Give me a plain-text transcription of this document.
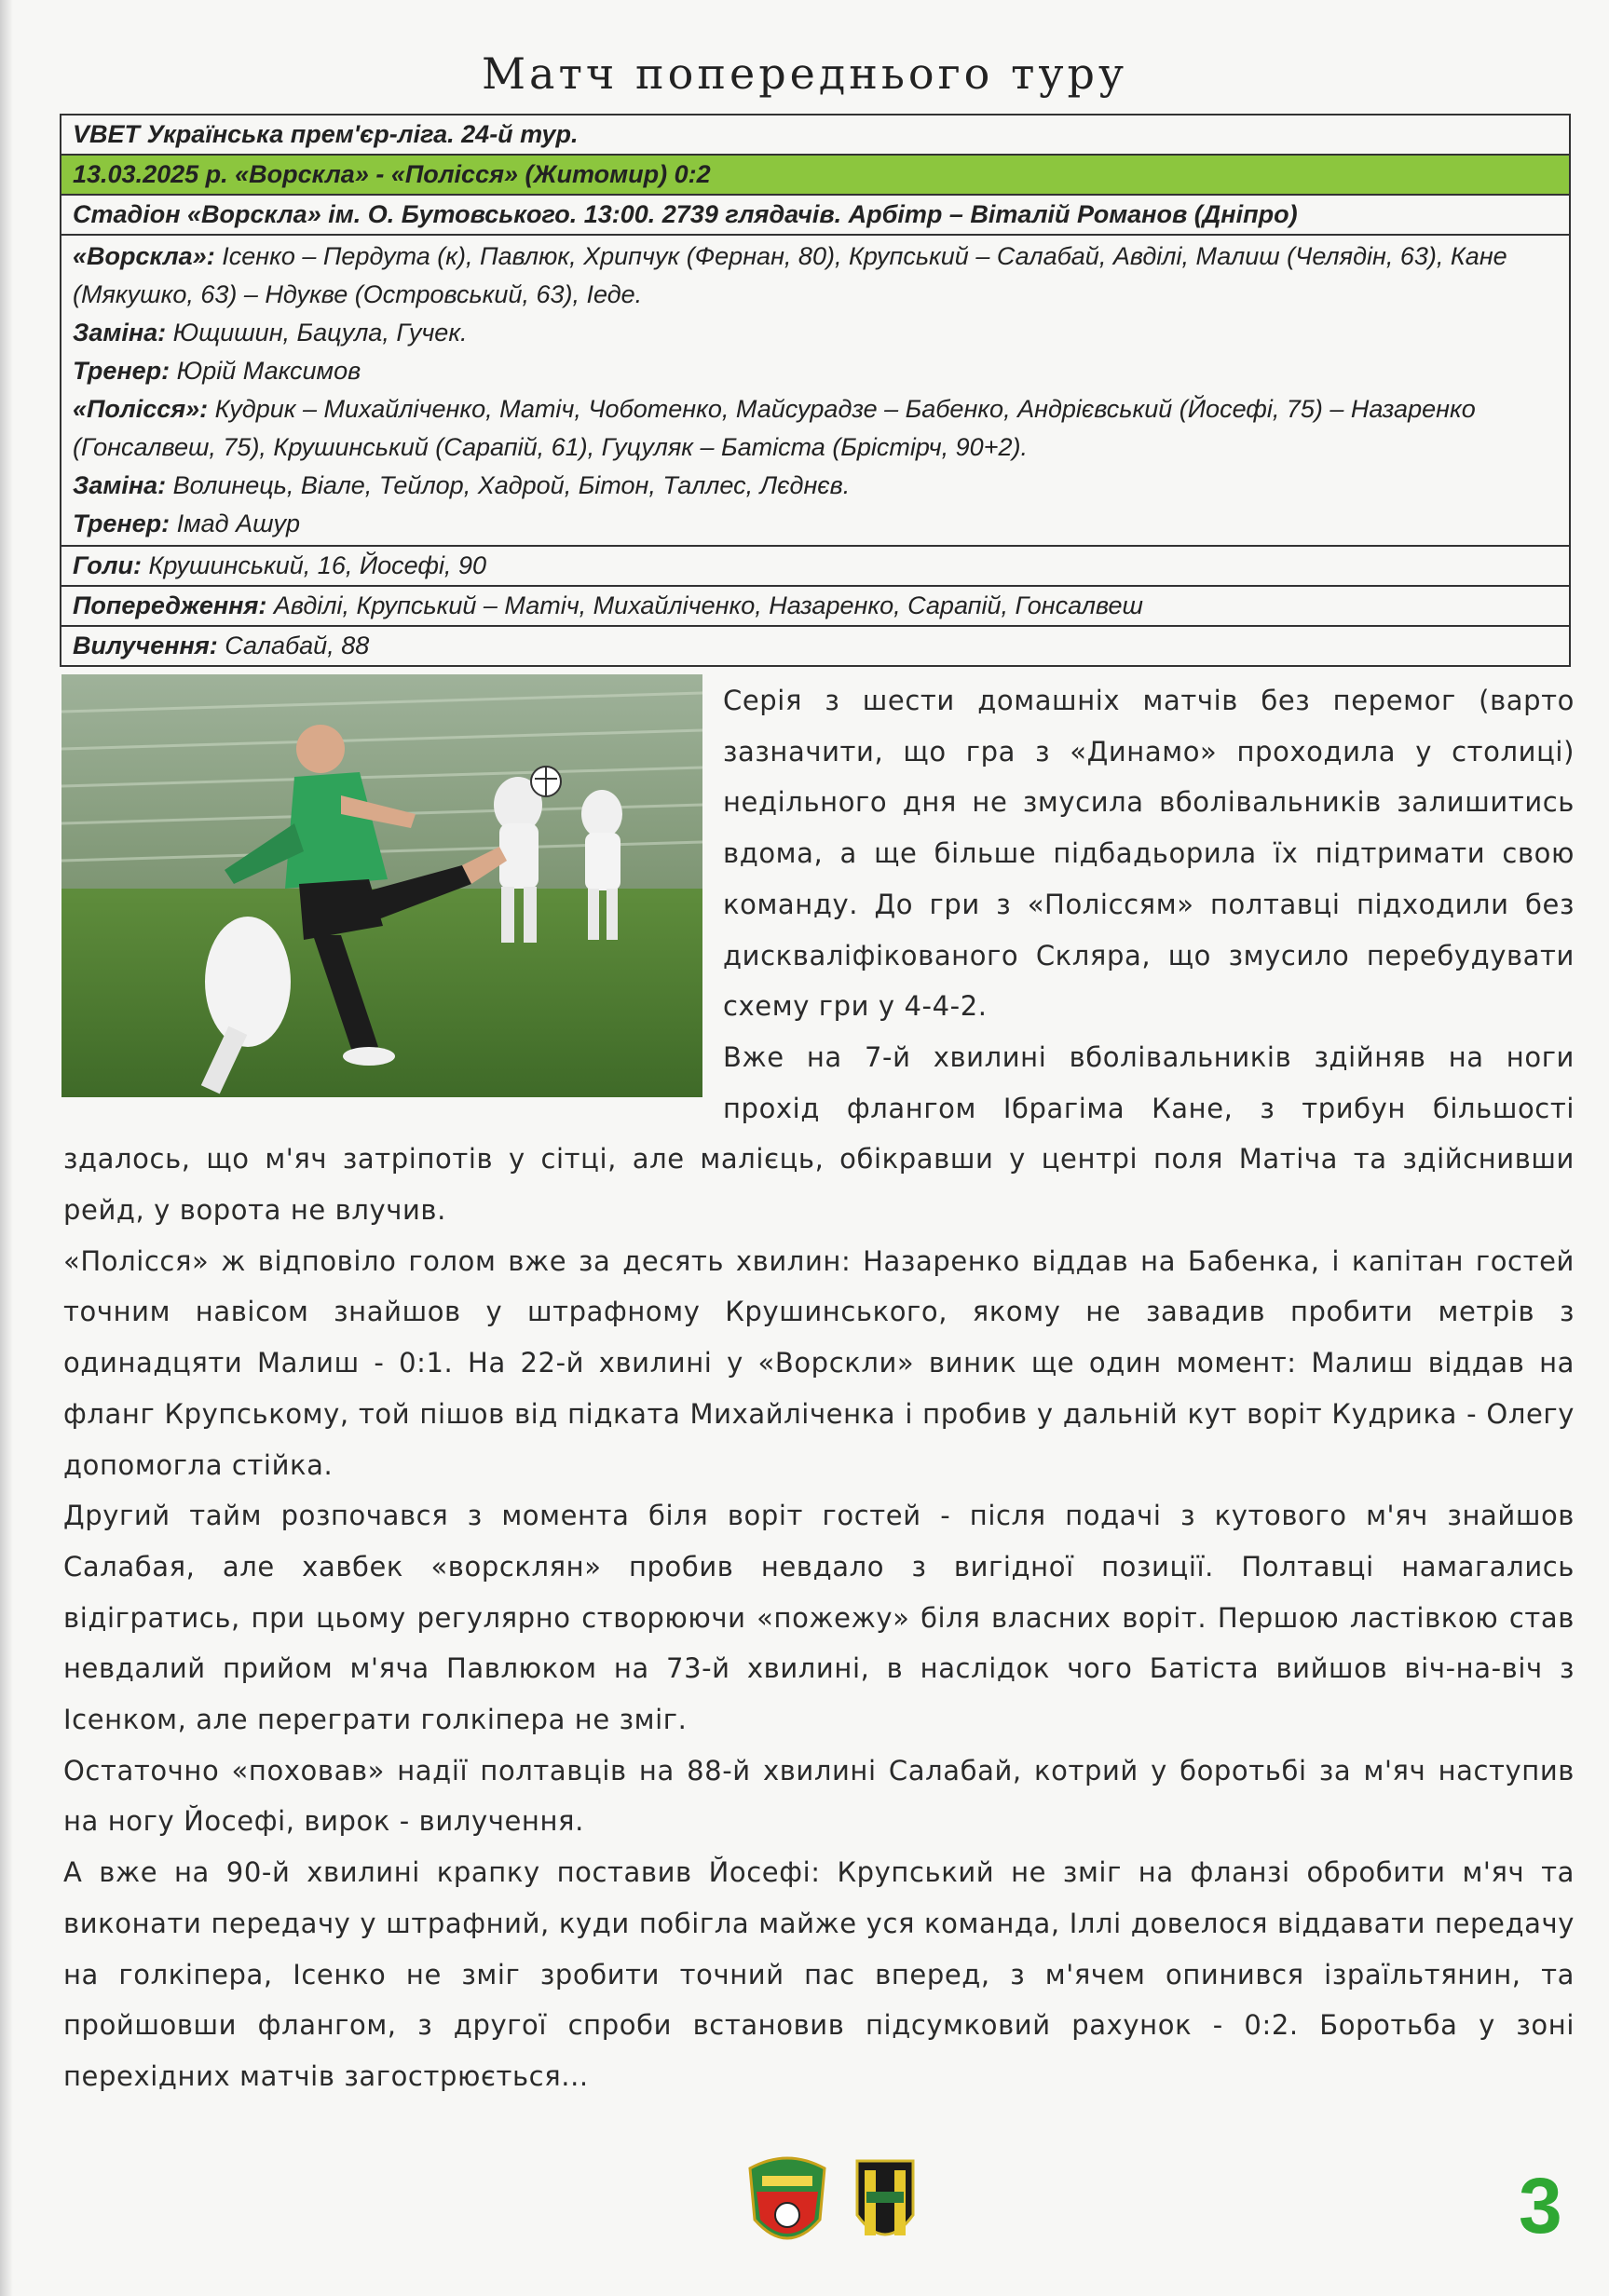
Матч попереднього туру
VBET Українська прем'єр-ліга. 24-й тур.
13.03.2025 р. «Ворскла» - «Полісся» (Житомир) 0:2
Стадіон «Ворскла» ім. О. Бутовського. 13:00. 2739 глядачів. Арбітр – Віталій Романов (Дніпро)
«Ворскла»: Ісенко – Пердута (к), Павлюк, Хрипчук (Фернан, 80), Крупський – Салабай, Авділі, Малиш (Челядін, 63), Кане (Мякушко, 63) – Ндукве (Островський, 63), Іеде.
Заміна: Ющишин, Бацула, Гучек.
Тренер: Юрій Максимов
«Полісся»: Кудрик – Михайліченко, Матіч, Чоботенко, Майсурадзе – Бабенко, Андрієвський (Йосефі, 75) – Назаренко (Гонсалвеш, 75), Крушинський (Сарапій, 61), Гуцуляк – Батіста (Брістірч, 90+2).
Заміна: Волинець, Віале, Тейлор, Хадрой, Бітон, Таллес, Лєднєв.
Тренер: Імад Ашур
Голи: Крушинський, 16, Йосефі, 90
Попередження: Авділі, Крупський – Матіч, Михайліченко, Назаренко, Сарапій, Гонсалвеш
Вилучення: Салабай, 88

Серія з шести домашніх матчів без перемог (варто зазначити, що гра з «Динамо» проходила у столиці) недільного дня не змусила вболівальників залишитись вдома, а ще більше підбадьорила їх підтримати свою команду. До гри з «Поліссям» полтавці підходили без дискваліфікованого Скляра, що змусило перебудувати схему гри у 4-4-2.

Вже на 7-й хвилині вболівальників здійняв на ноги прохід флангом Ібрагіма Кане, з трибун більшості здалось, що м'яч затріпотів у сітці, але малієць, обікравши у центрі поля Матіча та здійснивши рейд, у ворота не влучив.

«Полісся» ж відповіло голом вже за десять хвилин: Назаренко віддав на Бабенка, і капітан гостей точним навісом знайшов у штрафному Крушинського, якому не завадив пробити метрів з одинадцяти Малиш - 0:1. На 22-й хвилині у «Ворскли» виник ще один момент: Малиш віддав на фланг Крупському, той пішов від підката Михайліченка і пробив у дальній кут воріт Кудрика - Олегу допомогла стійка.

Другий тайм розпочався з момента біля воріт гостей - після подачі з кутового м'яч знайшов Салабая, але хавбек «ворсклян» пробив невдало з вигідної позиції. Полтавці намагались відігратись, при цьому регулярно створюючи «пожежу» біля власних воріт. Першою ластівкою став невдалий прийом м'яча Павлюком на 73-й хвилині, в наслідок чого Батіста вийшов віч-на-віч з Ісенком, але переграти голкіпера не зміг.

Остаточно «поховав» надії полтавців на 88-й хвилині Салабай, котрий у боротьбі за м'яч наступив на ногу Йосефі, вирок - вилучення.

А вже на 90-й хвилині крапку поставив Йосефі: Крупський не зміг на фланзі обробити м'яч та виконати передачу у штрафний, куди побігла майже уся команда, Іллі довелося віддавати передачу на голкіпера, Ісенко не зміг зробити точний пас вперед, з м'ячем опинився ізраїльтянин, та пройшовши флангом, з другої спроби встановив підсумковий рахунок - 0:2. Боротьба у зоні перехідних матчів загострюється...

3
